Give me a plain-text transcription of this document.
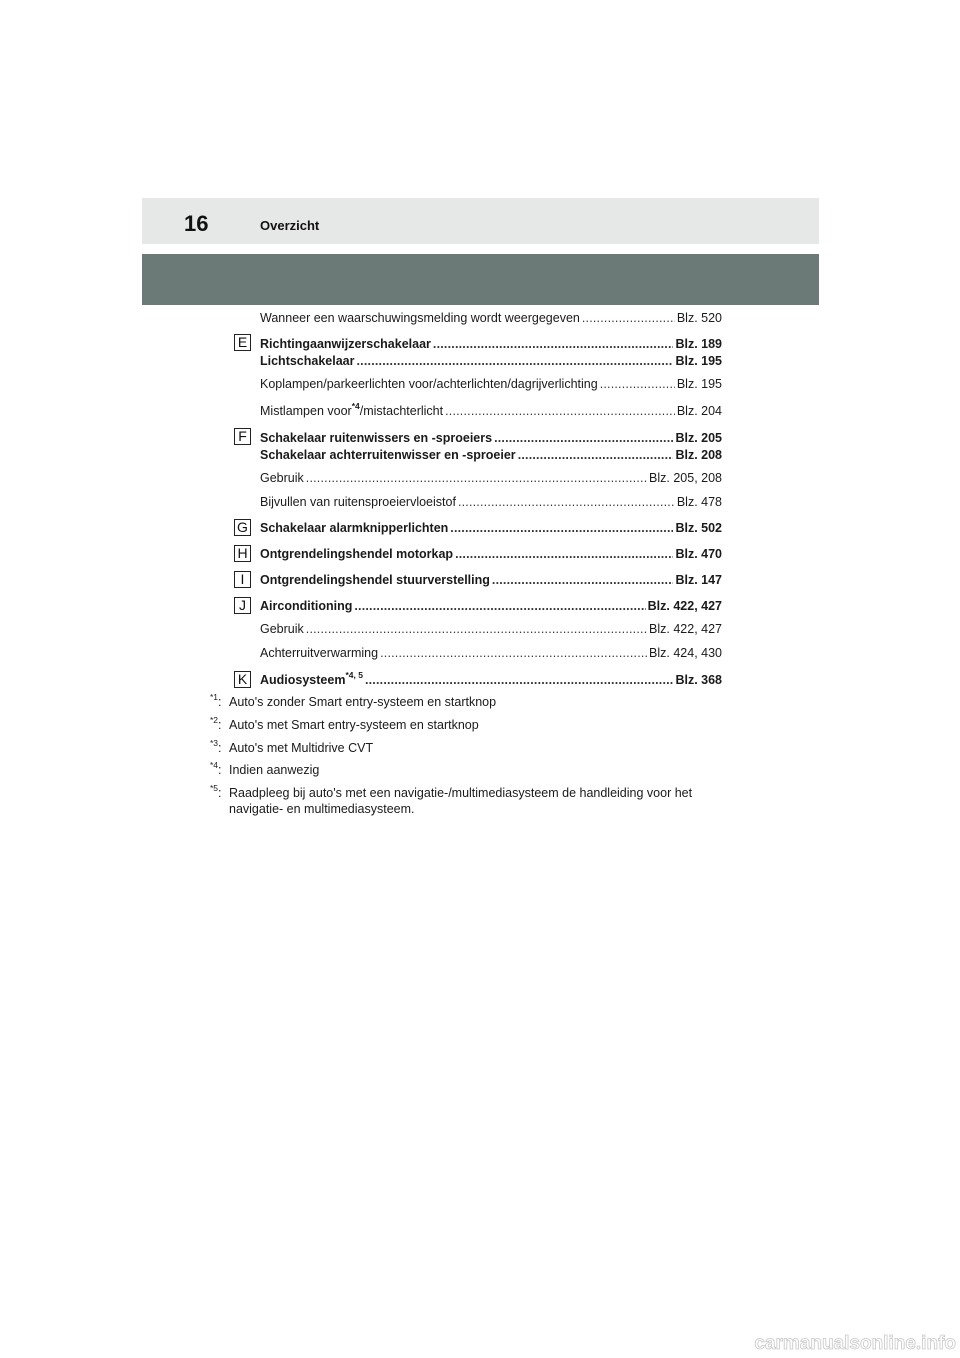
16	Overzicht
E
F
G
H
I
J
K
Wanneer een waarschuwingsmelding wordt weergegeven .....	Blz. 520
Richtingaanwijzerschakelaar .....	Blz. 189
Lichtschakelaar .....	Blz. 195
Koplampen/parkeerlichten voor/achterlichten/dagrijverlichting .....	Blz. 195
Mistlampen voor$^{*4}$/mistachterlicht .....	Blz. 204
Schakelaar ruitenwissers en -sproeiers .....	Blz. 205
Schakelaar achterruitenwisser en -sproeier .....	Blz. 208
Gebruik .....	Blz. 205, 208
Bijvullen van ruitensproeiervloeistof .....	Blz. 478
Schakelaar alarmknipperlichten .....	Blz. 502
Ontgrendelingshendel motorkap .....	Blz. 470
Ontgrendelingshendel stuurverstelling .....	Blz. 147
Airconditioning .....	Blz. 422, 427
Gebruik .....	Blz. 422, 427
Achterruitverwarming .....	Blz. 424, 430
Audiosysteem$^{*4, 5}$ .....	Blz. 368
$^{*1}$: Auto's zonder Smart entry-systeem en startknop
$^{*2}$: Auto's met Smart entry-systeem en startknop
$^{*3}$: Auto's met Multidrive CVT
$^{*4}$: Indien aanwezig
$^{*5}$: Raadpleeg bij auto's met een navigatie-/multimediasysteem de handleiding voor het navigatie- en multimediasysteem.
carmanualsonline.info
